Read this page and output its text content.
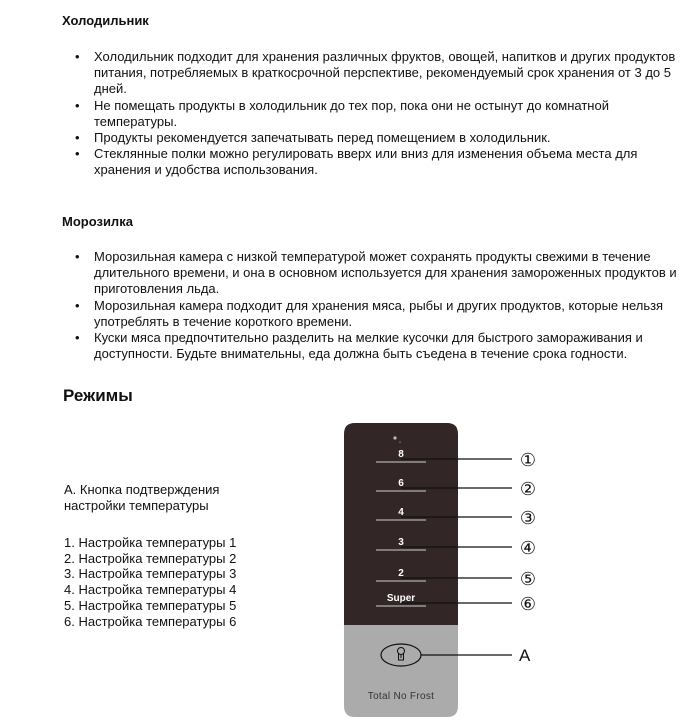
Холодильник
• Холодильник подходит для хранения различных фруктов, овощей, напитков и других продуктов питания, потребляемых в краткосрочной перспективе, рекомендуемый срок хранения от 3 до 5 дней.
• Не помещать продукты в холодильник до тех пор, пока они не остынут до комнатной температуры.
• Продукты рекомендуется запечатывать перед помещением в холодильник.
• Стеклянные полки можно регулировать вверх или вниз для изменения объема места для хранения и удобства использования.
Морозилка
• Морозильная камера с низкой температурой может сохранять продукты свежими в течение длительного времени, и она в основном используется для хранения замороженных продуктов и приготовления льда.
• Морозильная камера подходит для хранения мяса, рыбы и других продуктов, которые нельзя употреблять в течение короткого времени.
• Куски мяса предпочтительно разделить на мелкие кусочки для быстрого замораживания и доступности. Будьте внимательны, еда должна быть съедена в течение срока годности.
Режимы
A. Кнопка подтверждения настройки температуры
1. Настройка температуры 1
2. Настройка температуры 2
3. Настройка температуры 3
4. Настройка температуры 4
5. Настройка температуры 5
6. Настройка температуры 6
8	①
6	②
4	③
3	④
2	⑤
Super	⑥
A
Total No Frost
